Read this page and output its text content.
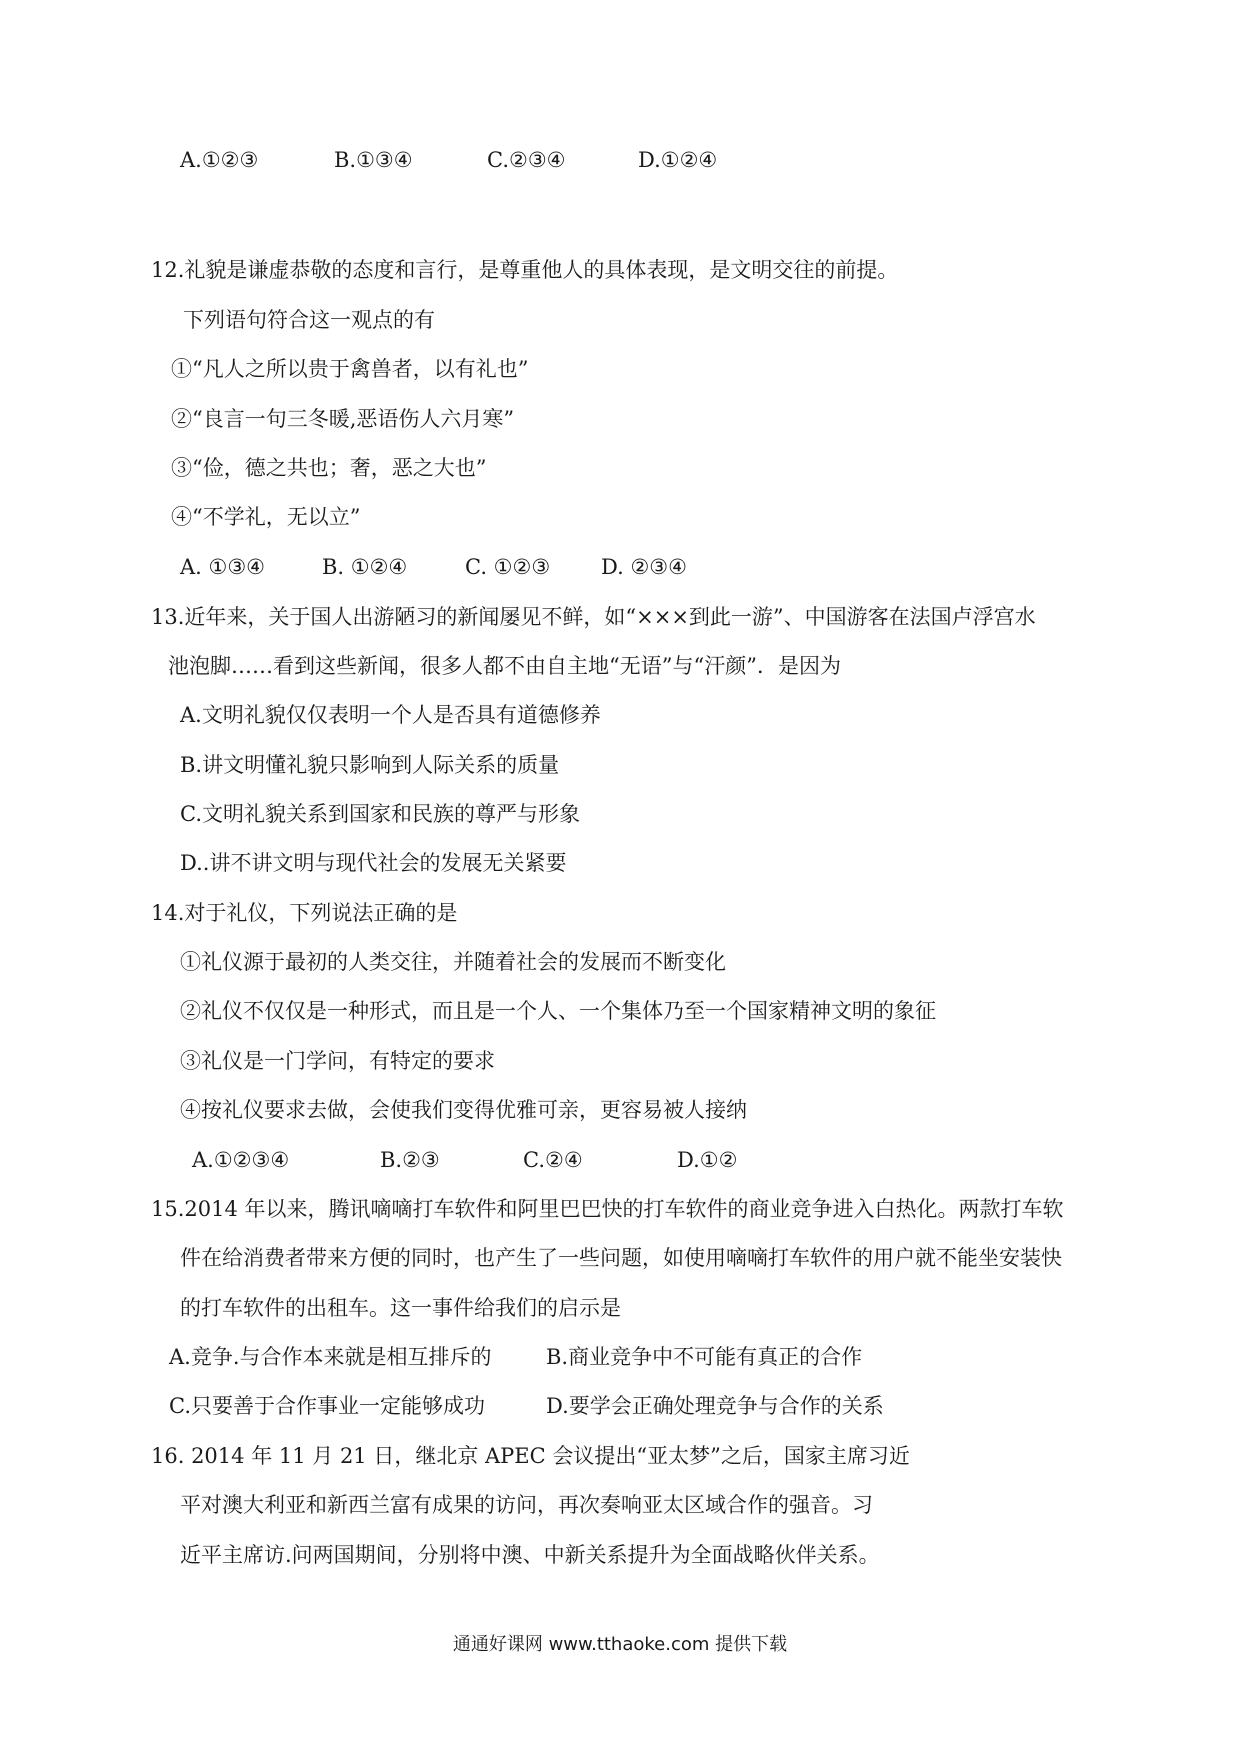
A.①②③	B.①③④	C.②③④	D.①②④
12.礼貌是谦虚恭敬的态度和言行，是尊重他人的具体表现，是文明交往的前提。
下列语句符合这一观点的有
①“凡人之所以贵于禽兽者，以有礼也”
②“良言一句三冬暖,恶语伤人六月寒”
③“俭，德之共也；奢，恶之大也”
④“不学礼，无以立”
A. ①③④	B. ①②④	C. ①②③ D. ②③④
13.近年来，关于国人出游陋习的新闻屡见不鲜，如“×××到此一游”、中国游客在法国卢浮宫水
池泡脚……看到这些新闻，很多人都不由自主地“无语”与“汗颜”．是因为
A.文明礼貌仅仅表明一个人是否具有道德修养
B.讲文明懂礼貌只影响到人际关系的质量
C.文明礼貌关系到国家和民族的尊严与形象
D..讲不讲文明与现代社会的发展无关紧要
14.对于礼仪，下列说法正确的是
①礼仪源于最初的人类交往，并随着社会的发展而不断变化
②礼仪不仅仅是一种形式，而且是一个人、一个集体乃至一个国家精神文明的象征
③礼仪是一门学问，有特定的要求
④按礼仪要求去做，会使我们变得优雅可亲，更容易被人接纳
A.①②③④	B.②③	C.②④	D.①②
15.2014 年以来，腾讯嘀嘀打车软件和阿里巴巴快的打车软件的商业竞争进入白热化。两款打车软
件在给消费者带来方便的同时，也产生了一些问题，如使用嘀嘀打车软件的用户就不能坐安装快
的打车软件的出租车。这一事件给我们的启示是
A.竞争.与合作本来就是相互排斥的	B.商业竞争中不可能有真正的合作
C.只要善于合作事业一定能够成功	D.要学会正确处理竞争与合作的关系
16. 2014 年 11 月 21 日，继北京 APEC 会议提出“亚太梦”之后，国家主席习近
平对澳大利亚和新西兰富有成果的访问，再次奏响亚太区域合作的强音。习
近平主席访.问两国期间，分别将中澳、中新关系提升为全面战略伙伴关系。
通通好课网 www.tthaoke.com 提供下载
